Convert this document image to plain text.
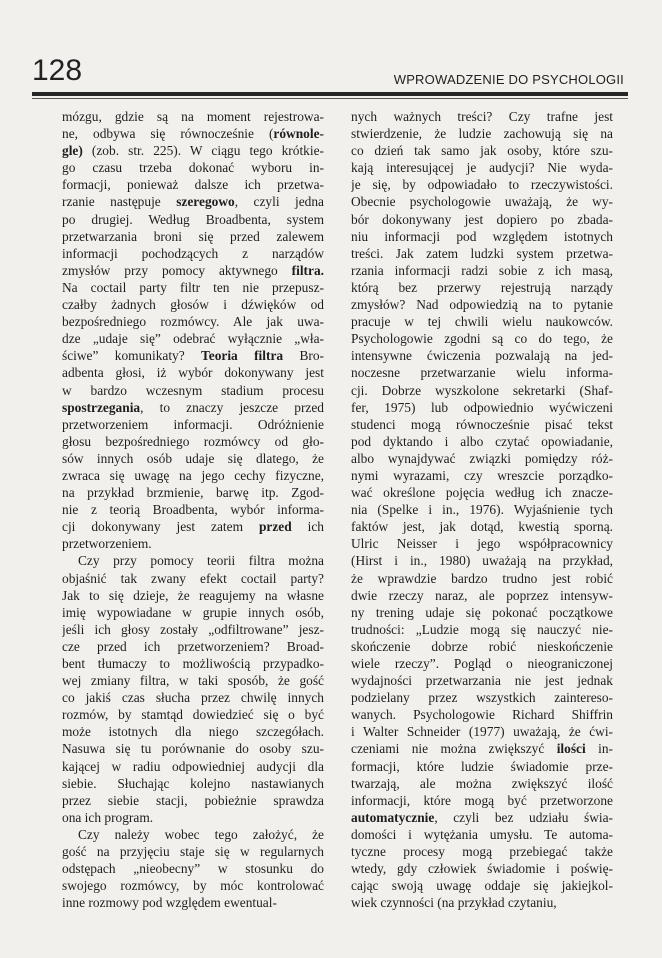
128	WPROWADZENIE DO PSYCHOLOGII

mózgu, gdzie są na moment rejestrowa-
ne, odbywa się równocześnie (równole-
gle) (zob. str. 225). W ciągu tego krótkie-
go czasu trzeba dokonać wyboru in-
formacji, ponieważ dalsze ich przetwa-
rzanie następuje szeregowo, czyli jedna
po drugiej. Według Broadbenta, system
przetwarzania broni się przed zalewem
informacji pochodzących z narządów
zmysłów przy pomocy aktywnego filtra.
Na coctail party filtr ten nie przepusz-
czałby żadnych głosów i dźwięków od
bezpośredniego rozmówcy. Ale jak uwa-
dze „udaje się” odebrać wyłącznie „wła-
ściwe” komunikaty? Teoria filtra Bro-
adbenta głosi, iż wybór dokonywany jest
w bardzo wczesnym stadium procesu
spostrzegania, to znaczy jeszcze przed
przetworzeniem informacji. Odróżnienie
głosu bezpośredniego rozmówcy od gło-
sów innych osób udaje się dlatego, że
zwraca się uwagę na jego cechy fizyczne,
na przykład brzmienie, barwę itp. Zgod-
nie z teorią Broadbenta, wybór informa-
cji dokonywany jest zatem przed ich
przetworzeniem.

Czy przy pomocy teorii filtra można
objaśnić tak zwany efekt coctail party?
Jak to się dzieje, że reagujemy na własne
imię wypowiadane w grupie innych osób,
jeśli ich głosy zostały „odfiltrowane” jesz-
cze przed ich przetworzeniem? Broad-
bent tłumaczy to możliwością przypadko-
wej zmiany filtra, w taki sposób, że gość
co jakiś czas słucha przez chwilę innych
rozmów, by stamtąd dowiedzieć się o być
może istotnych dla niego szczegółach.
Nasuwa się tu porównanie do osoby szu-
kającej w radiu odpowiedniej audycji dla
siebie. Słuchając kolejno nastawianych
przez siebie stacji, pobieżnie sprawdza
ona ich program.

Czy należy wobec tego założyć, że
gość na przyjęciu staje się w regularnych
odstępach „nieobecny” w stosunku do
swojego rozmówcy, by móc kontrolować
inne rozmowy pod względem ewentual-

nych ważnych treści? Czy trafne jest
stwierdzenie, że ludzie zachowują się na
co dzień tak samo jak osoby, które szu-
kają interesującej je audycji? Nie wyda-
je się, by odpowiadało to rzeczywistości.
Obecnie psychologowie uważają, że wy-
bór dokonywany jest dopiero po zbada-
niu informacji pod względem istotnych
treści. Jak zatem ludzki system przetwa-
rzania informacji radzi sobie z ich masą,
którą bez przerwy rejestrują narządy
zmysłów? Nad odpowiedzią na to pytanie
pracuje w tej chwili wielu naukowców.
Psychologowie zgodni są co do tego, że
intensywne ćwiczenia pozwalają na jed-
noczesne przetwarzanie wielu informa-
cji. Dobrze wyszkolone sekretarki (Shaf-
fer, 1975) lub odpowiednio wyćwiczeni
studenci mogą równocześnie pisać tekst
pod dyktando i albo czytać opowiadanie,
albo wynajdywać związki pomiędzy róż-
nymi wyrazami, czy wreszcie porządko-
wać określone pojęcia według ich znacze-
nia (Spelke i in., 1976). Wyjaśnienie tych
faktów jest, jak dotąd, kwestią sporną.
Ulric Neisser i jego współpracownicy
(Hirst i in., 1980) uważają na przykład,
że wprawdzie bardzo trudno jest robić
dwie rzeczy naraz, ale poprzez intensyw-
ny trening udaje się pokonać początkowe
trudności: „Ludzie mogą się nauczyć nie-
skończenie dobrze robić nieskończenie
wiele rzeczy”. Pogląd o nieograniczonej
wydajności przetwarzania nie jest jednak
podzielany przez wszystkich zaintereso-
wanych. Psychologowie Richard Shiffrin
i Walter Schneider (1977) uważają, że ćwi-
czeniami nie można zwiększyć ilości in-
formacji, które ludzie świadomie prze-
twarzają, ale można zwiększyć ilość
informacji, które mogą być przetworzone
automatycznie, czyli bez udziału świa-
domości i wytężania umysłu. Te automa-
tyczne procesy mogą przebiegać także
wtedy, gdy człowiek świadomie i poświę-
cając swoją uwagę oddaje się jakiejkol-
wiek czynności (na przykład czytaniu,
